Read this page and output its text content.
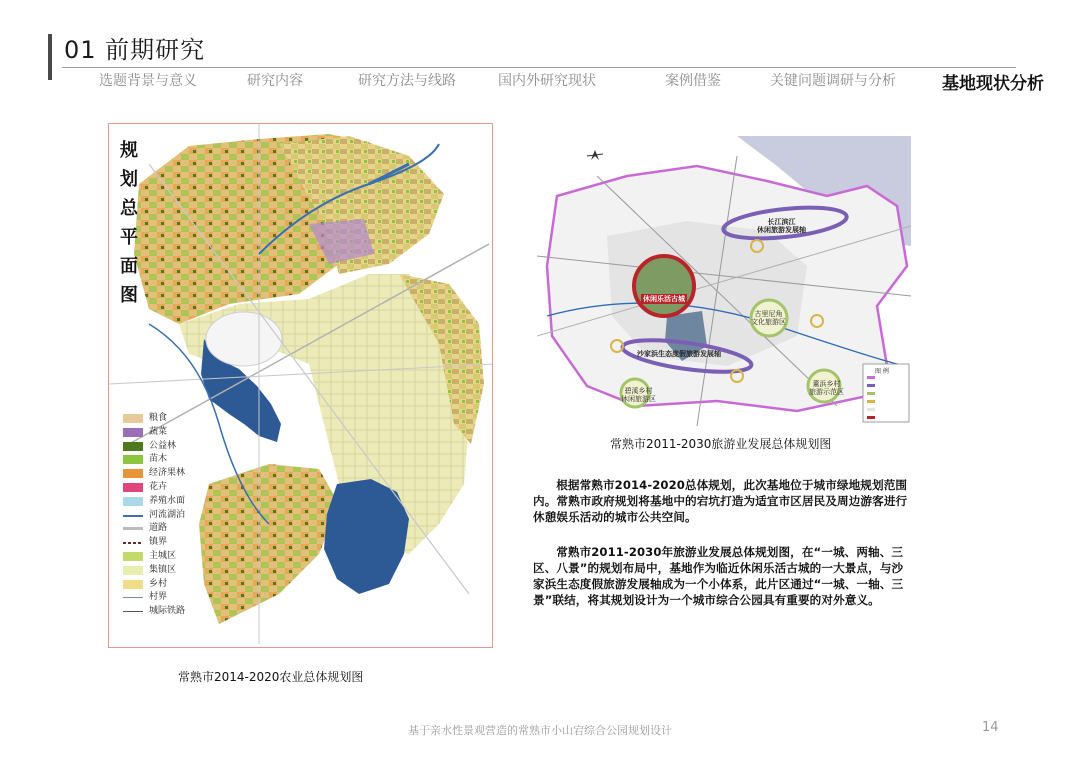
01 前期研究
选题背景与意义	研究内容	研究方法与线路	国内外研究现状	案例借鉴	关键问题调研与分析	基地现状分析
规
划
总
平
面
图
粮食
蔬菜
公益林
苗木
经济果林
花卉
养殖水面
河流湖泊
道路
镇界
主城区
集镇区
乡村
村界
城际铁路
常熟市2014-2020农业总体规划图
长江滨江
休闲旅游发展轴
休闲乐活古城
沙家浜生态度假旅游发展轴
古里尼角
文化旅游区
董浜乡村
旅游示范区
碧溪乡村
休闲旅游区
图 例
常熟市2011-2030旅游业发展总体规划图
根据常熟市2014-2020总体规划，此次基地位于城市绿地规划范围内。常熟市政府规划将基地中的宕坑打造为适宜市区居民及周边游客进行休憩娱乐活动的城市公共空间。
常熟市2011-2030年旅游业发展总体规划图，在“一城、两轴、三区、八景”的规划布局中，基地作为临近休闲乐活古城的一大景点，与沙家浜生态度假旅游发展轴成为一个小体系，此片区通过“一城、一轴、三景”联结，将其规划设计为一个城市综合公园具有重要的对外意义。
基于亲水性景观营造的常熟市小山宕综合公园规划设计	14
